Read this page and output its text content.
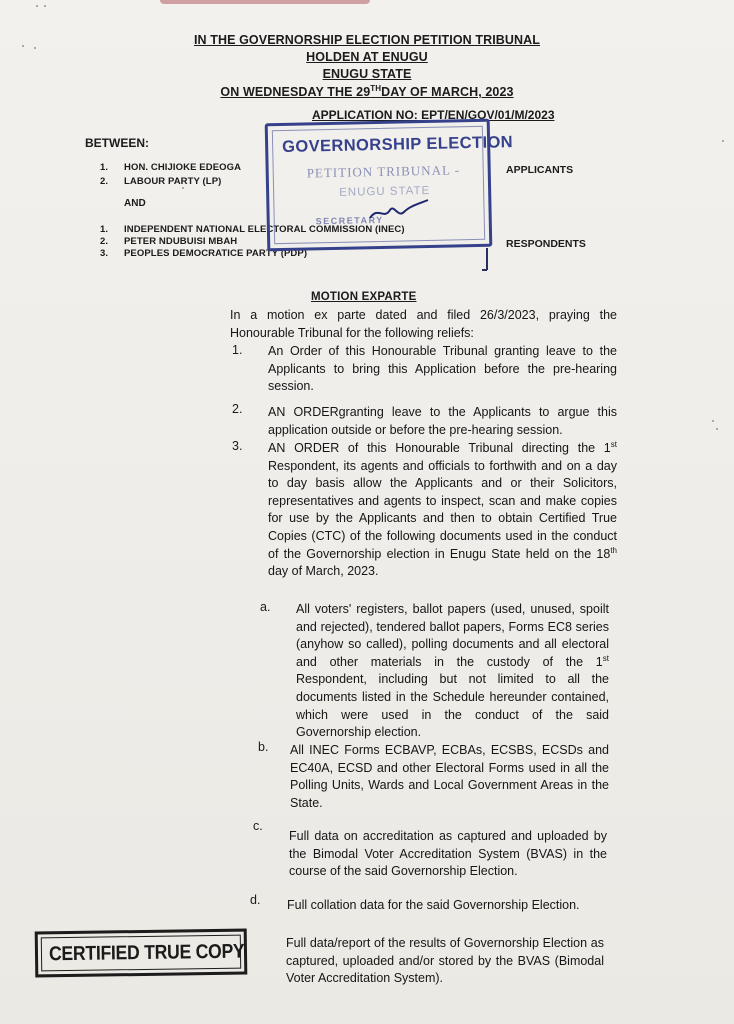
IN THE GOVERNORSHIP ELECTION PETITION TRIBUNAL
HOLDEN AT ENUGU
ENUGU STATE
ON WEDNESDAY THE 29THDAY OF MARCH, 2023
APPLICATION NO: EPT/EN/GOV/01/M/2023
BETWEEN:
1. HON. CHIJIOKE EDEOGA
2. LABOUR PARTY (LP)
AND
1. INDEPENDENT NATIONAL ELECTORAL COMMISSION (INEC)
2. PETER NDUBUISI MBAH
3. PEOPLES DEMOCRATICE PARTY (PDP)
APPLICANTS
RESPONDENTS
GOVERNORSHIP ELECTION
PETITION TRIBUNAL -
ENUGU STATE
SECRETARY
MOTION EXPARTE
In a motion ex parte dated and filed 26/3/2023, praying the Honourable Tribunal for the following reliefs:
1. An Order of this Honourable Tribunal granting leave to the Applicants to bring this Application before the pre-hearing session.
2. AN ORDERgranting leave to the Applicants to argue this application outside or before the pre-hearing session.
3. AN ORDER of this Honourable Tribunal directing the 1st Respondent, its agents and officials to forthwith and on a day to day basis allow the Applicants and or their Solicitors, representatives and agents to inspect, scan and make copies for use by the Applicants and then to obtain Certified True Copies (CTC) of the following documents used in the conduct of the Governorship election in Enugu State held on the 18th day of March, 2023.
a. All voters' registers, ballot papers (used, unused, spoilt and rejected), tendered ballot papers, Forms EC8 series (anyhow so called), polling documents and all electoral and other materials in the custody of the 1st Respondent, including but not limited to all the documents listed in the Schedule hereunder contained, which were used in the conduct of the said Governorship election.
b. All INEC Forms ECBAVP, ECBAs, ECSBS, ECSDs and EC40A, ECSD and other Electoral Forms used in all the Polling Units, Wards and Local Government Areas in the State.
c.
Full data on accreditation as captured and uploaded by the Bimodal Voter Accreditation System (BVAS) in the course of the said Governorship Election.
d. Full collation data for the said Governorship Election.
Full data/report of the results of Governorship Election as captured, uploaded and/or stored by the BVAS (Bimodal Voter Accreditation System).
CERTIFIED TRUE COPY
